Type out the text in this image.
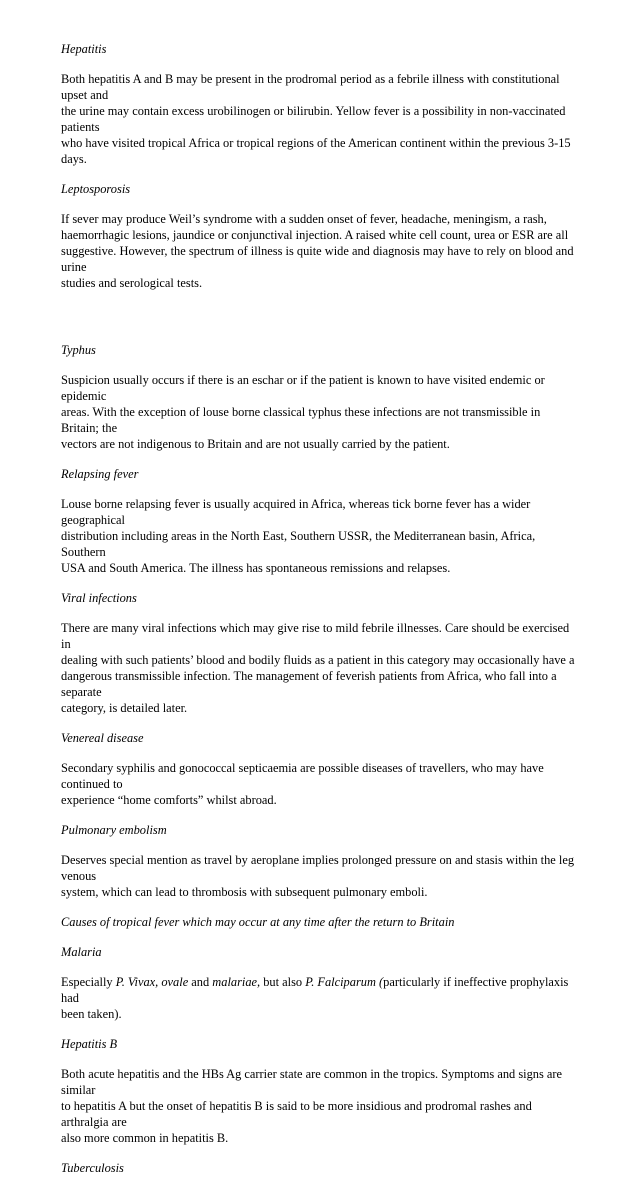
Hepatitis
Both hepatitis A and B may be present in the prodromal period as a febrile illness with constitutional upset and
the urine may contain excess urobilinogen or bilirubin. Yellow fever is a possibility in non-vaccinated patients
who have visited tropical Africa or tropical regions of the American continent within the previous 3-15 days.
Leptosporosis
If sever may produce Weil’s syndrome with a sudden onset of fever, headache, meningism, a rash,
haemorrhagic lesions, jaundice or conjunctival injection. A raised white cell count, urea or ESR are all
suggestive. However, the spectrum of illness is quite wide and diagnosis may have to rely on blood and urine
studies and serological tests.
Typhus
Suspicion usually occurs if there is an eschar or if the patient is known to have visited endemic or epidemic
areas. With the exception of louse borne classical typhus these infections are not transmissible in Britain; the
vectors are not indigenous to Britain and are not usually carried by the patient.
Relapsing fever
Louse borne relapsing fever is usually acquired in Africa, whereas tick borne fever has a wider geographical
distribution including areas in the North East, Southern USSR, the Mediterranean basin, Africa, Southern
USA and South America. The illness has spontaneous remissions and relapses.
Viral infections
There are many viral infections which may give rise to mild febrile illnesses. Care should be exercised in
dealing with such patients’ blood and bodily fluids as a patient in this category may occasionally have a
dangerous transmissible infection. The management of feverish patients from Africa, who fall into a separate
category, is detailed later.
Venereal disease
Secondary syphilis and gonococcal septicaemia are possible diseases of travellers, who may have continued to
experience “home comforts” whilst abroad.
Pulmonary embolism
Deserves special mention as travel by aeroplane implies prolonged pressure on and stasis within the leg venous
system, which can lead to thrombosis with subsequent pulmonary emboli.
Causes of tropical fever which may occur at any time after the return to Britain
Malaria
Especially P. Vivax, ovale and malariae, but also P. Falciparum (particularly if ineffective prophylaxis had
been taken).
Hepatitis B
Both acute hepatitis and the HBs Ag carrier state are common in the tropics. Symptoms and signs are similar
to hepatitis A but the onset of hepatitis B is said to be more insidious and prodromal rashes and arthralgia are
also more common in hepatitis B.
Tuberculosis
